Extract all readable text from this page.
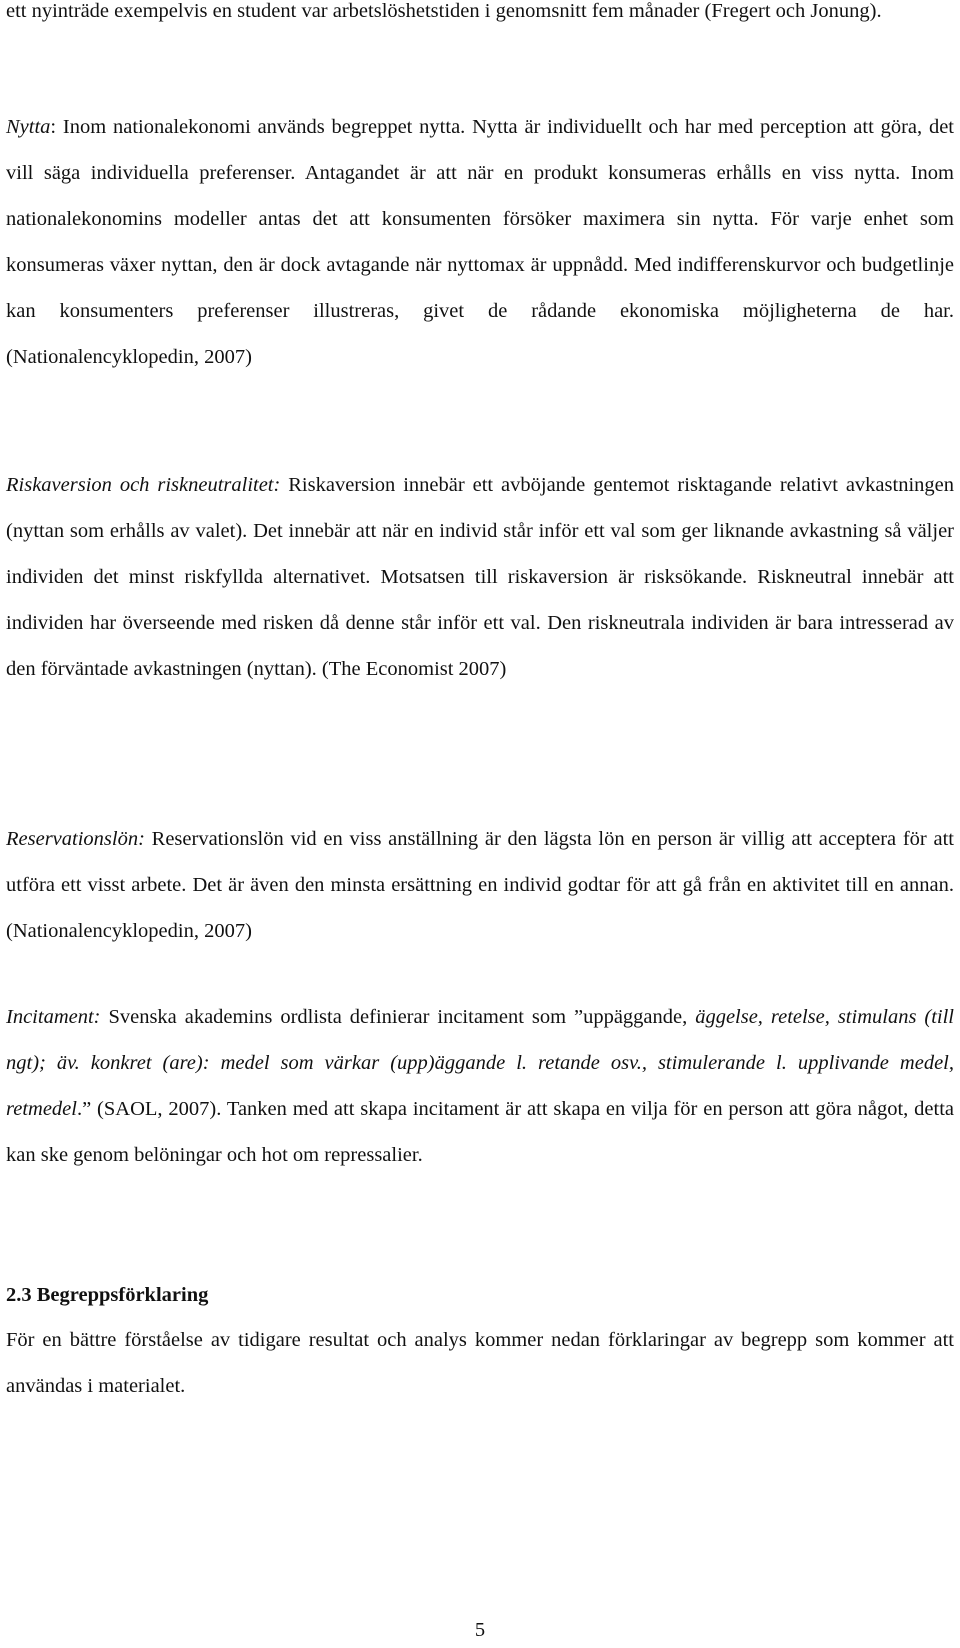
ett nyinträde exempelvis en student var arbetslöshetstiden i genomsnitt fem månader (Fregert och Jonung).

Nytta: Inom nationalekonomi används begreppet nytta. Nytta är individuellt och har med perception att göra, det vill säga individuella preferenser. Antagandet är att när en produkt konsumeras erhålls en viss nytta. Inom nationalekonomins modeller antas det att konsumenten försöker maximera sin nytta. För varje enhet som konsumeras växer nyttan, den är dock avtagande när nyttomax är uppnådd. Med indifferenskurvor och budgetlinje kan konsumenters preferenser illustreras, givet de rådande ekonomiska möjligheterna de har. (Nationalencyklopedin, 2007)

Riskaversion och riskneutralitet: Riskaversion innebär ett avböjande gentemot risktagande relativt avkastningen (nyttan som erhålls av valet). Det innebär att när en individ står inför ett val som ger liknande avkastning så väljer individen det minst riskfyllda alternativet. Motsatsen till riskaversion är risksökande. Riskneutral innebär att individen har överseende med risken då denne står inför ett val. Den riskneutrala individen är bara intresserad av den förväntade avkastningen (nyttan). (The Economist 2007)

Reservationslön: Reservationslön vid en viss anställning är den lägsta lön en person är villig att acceptera för att utföra ett visst arbete. Det är även den minsta ersättning en individ godtar för att gå från en aktivitet till en annan. (Nationalencyklopedin, 2007)

Incitament: Svenska akademins ordlista definierar incitament som ”uppäggande, äggelse, retelse, stimulans (till ngt); äv. konkret (are): medel som värkar (upp)äggande l. retande osv., stimulerande l. upplivande medel, retmedel.” (SAOL, 2007). Tanken med att skapa incitament är att skapa en vilja för en person att göra något, detta kan ske genom belöningar och hot om repressalier.

2.3 Begreppsförklaring

För en bättre förståelse av tidigare resultat och analys kommer nedan förklaringar av begrepp som kommer att användas i materialet.

5
